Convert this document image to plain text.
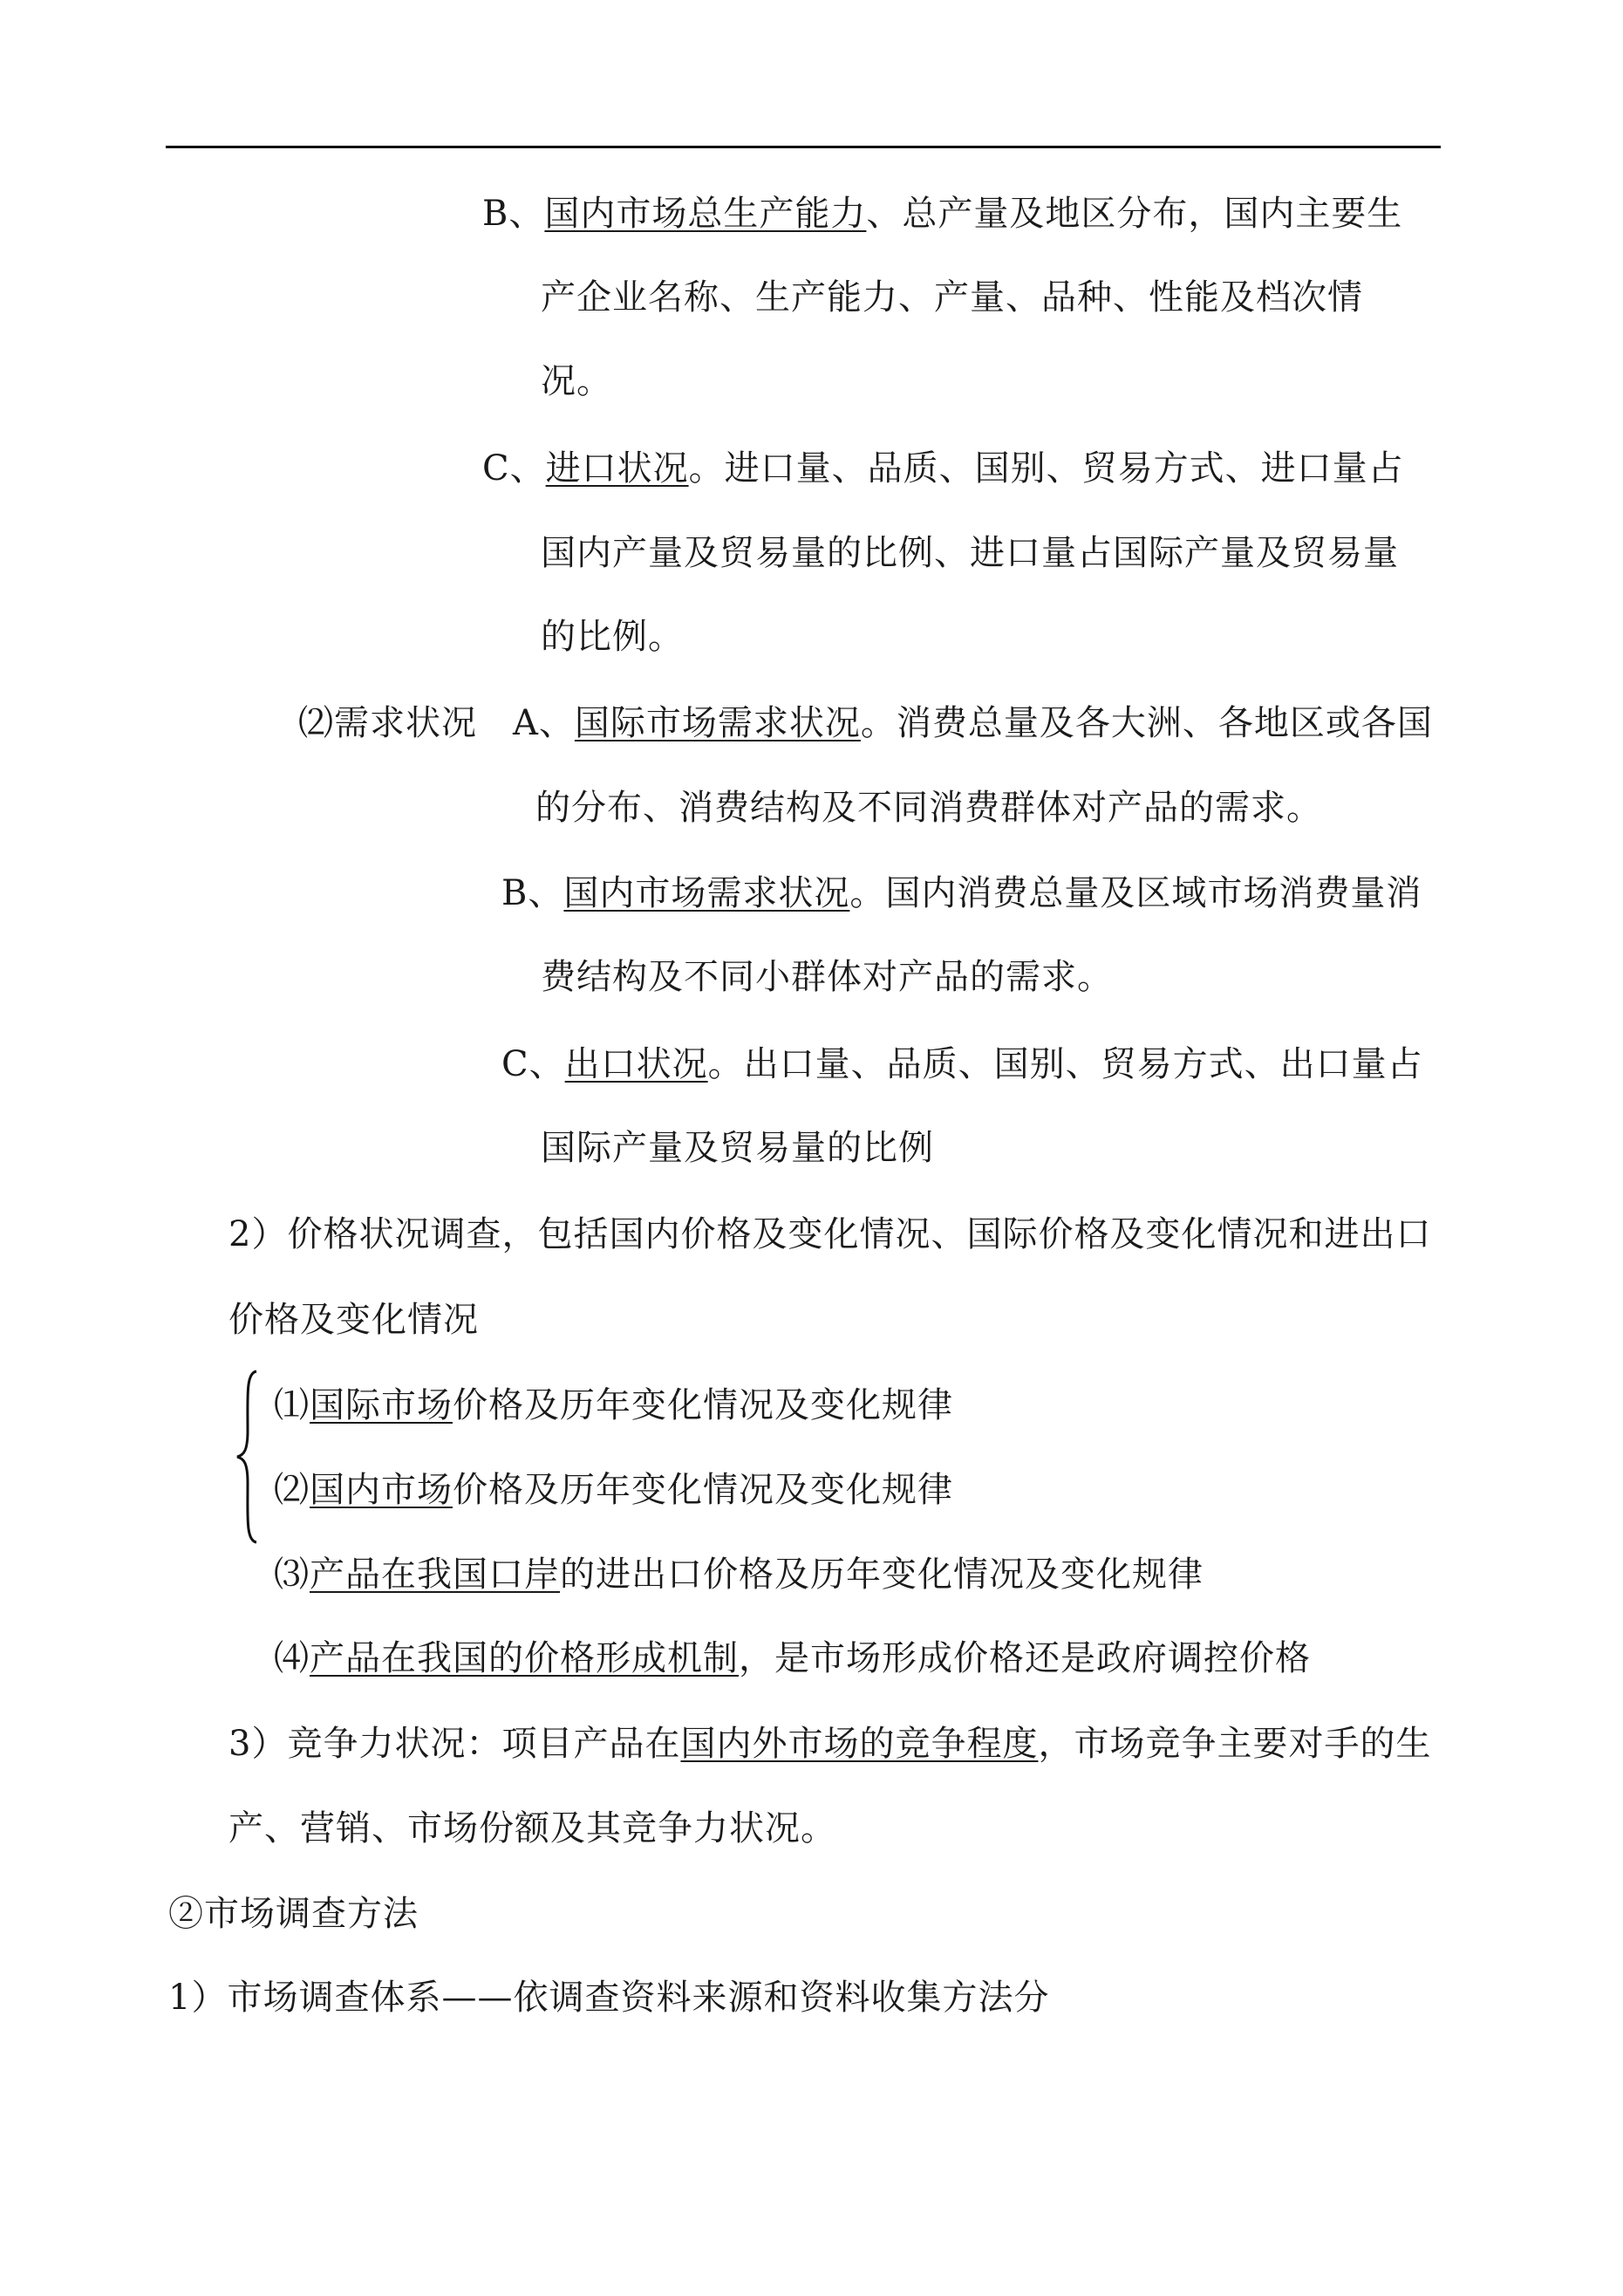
B、国内市场总生产能力、总产量及地区分布，国内主要生
产企业名称、生产能力、产量、品种、性能及档次情
况。
C、进口状况。进口量、品质、国别、贸易方式、进口量占
国内产量及贸易量的比例、进口量占国际产量及贸易量
的比例。
⑵需求状况　A、国际市场需求状况。消费总量及各大洲、各地区或各国
的分布、消费结构及不同消费群体对产品的需求。
B、国内市场需求状况。国内消费总量及区域市场消费量消
费结构及不同小群体对产品的需求。
C、出口状况。出口量、品质、国别、贸易方式、出口量占
国际产量及贸易量的比例
2）价格状况调查，包括国内价格及变化情况、国际价格及变化情况和进出口
价格及变化情况
⑴国际市场价格及历年变化情况及变化规律
⑵国内市场价格及历年变化情况及变化规律
⑶产品在我国口岸的进出口价格及历年变化情况及变化规律
⑷产品在我国的价格形成机制，是市场形成价格还是政府调控价格
3）竞争力状况：项目产品在国内外市场的竞争程度，市场竞争主要对手的生
产、营销、市场份额及其竞争力状况。
②市场调查方法
1）市场调查体系——依调查资料来源和资料收集方法分
